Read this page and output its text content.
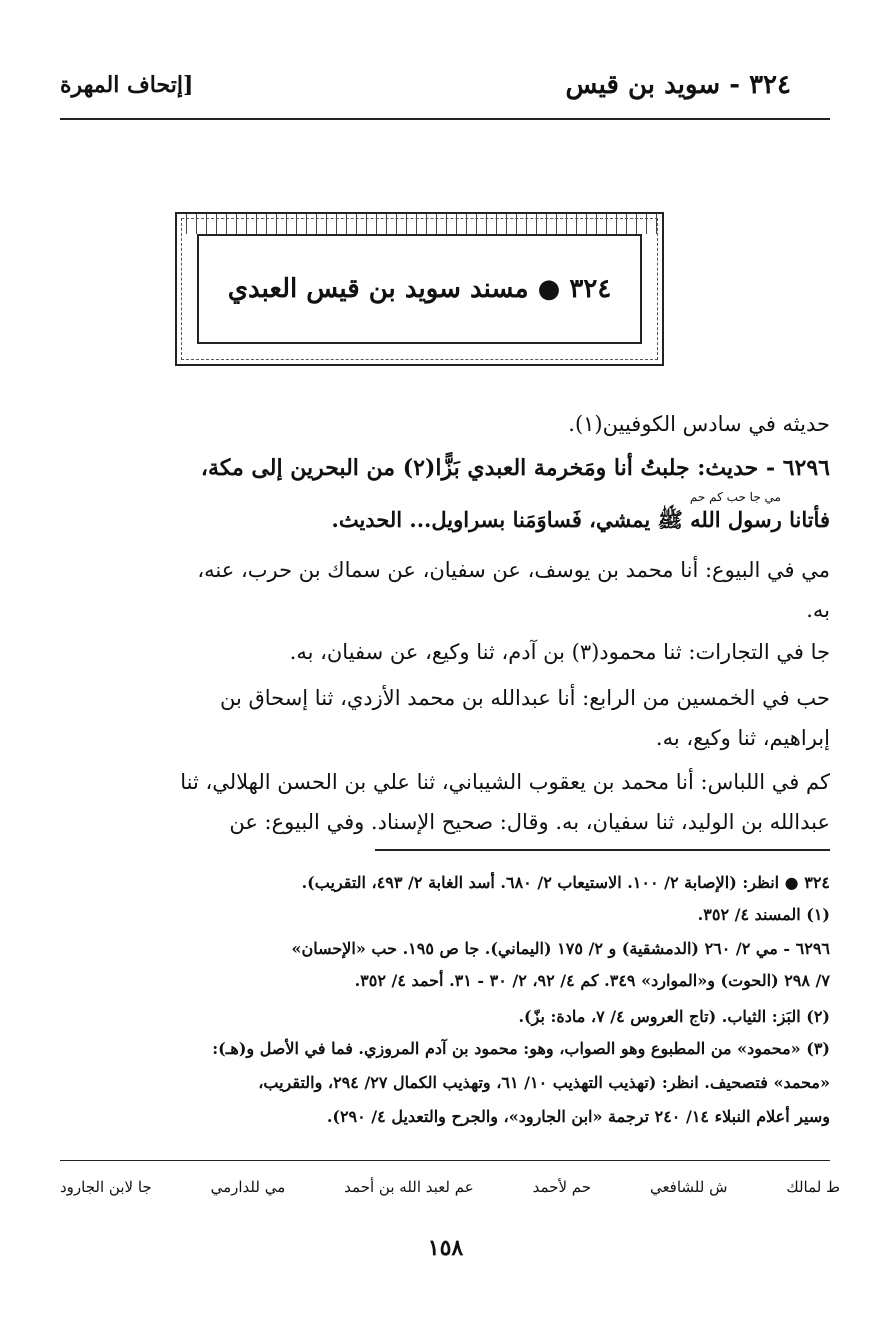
٣٢٤ - سويد بن قيس
[إتحاف المهرة
٣٢٤ ● مسند سويد بن قيس العبدي
حديثه في سادس الكوفيين(١).
٦٢٩٦ - حديث: جلبتُ أنا ومَخرمة العبدي بَزًّا(٢) من البحرين إلى مكة،
مي جا حب كم حم
فأتانا رسول الله ﷺ يمشي، فَساوَمَنا بسراويل... الحديث.
مي في البيوع: أنا محمد بن يوسف، عن سفيان، عن سماك بن حرب، عنه،
به.
جا في التجارات: ثنا محمود(٣) بن آدم، ثنا وكيع، عن سفيان، به.
حب في الخمسين من الرابع: أنا عبدالله بن محمد الأزدي، ثنا إسحاق بن
إبراهيم، ثنا وكيع، به.
كم في اللباس: أنا محمد بن يعقوب الشيباني، ثنا علي بن الحسن الهلالي، ثنا
عبدالله بن الوليد، ثنا سفيان، به. وقال: صحيح الإسناد. وفي البيوع: عن
٣٢٤ ● انظر: (الإصابة ٢/ ١٠٠. الاستيعاب ٢/ ٦٨٠. أسد الغابة ٢/ ٤٩٣، التقريب).
(١) المسند ٤/ ٣٥٢.
٦٢٩٦ - مي ٢/ ٢٦٠ (الدمشقية) و ٢/ ١٧٥ (اليماني). جا ص ١٩٥. حب «الإحسان»
٧/ ٢٩٨ (الحوت) و«الموارد» ٣٤٩. كم ٤/ ٩٢، ٢/ ٣٠ - ٣١. أحمد ٤/ ٣٥٢.
(٢) البَز: الثياب. (تاج العروس ٤/ ٧، مادة: بزّ).
(٣) «محمود» من المطبوع وهو الصواب، وهو: محمود بن آدم المروزي. فما في الأصل و(هـ):
«محمد» فتصحيف. انظر: (تهذيب التهذيب ١٠/ ٦١، وتهذيب الكمال ٢٧/ ٢٩٤، والتقريب،
وسير أعلام النبلاء ١٤/ ٢٤٠ ترجمة «ابن الجارود»، والجرح والتعديل ٤/ ٢٩٠).
ط لمالك
ش للشافعي
حم لأحمد
عم لعبد الله بن أحمد
مي للدارمي
جا لابن الجارود
١٥٨
